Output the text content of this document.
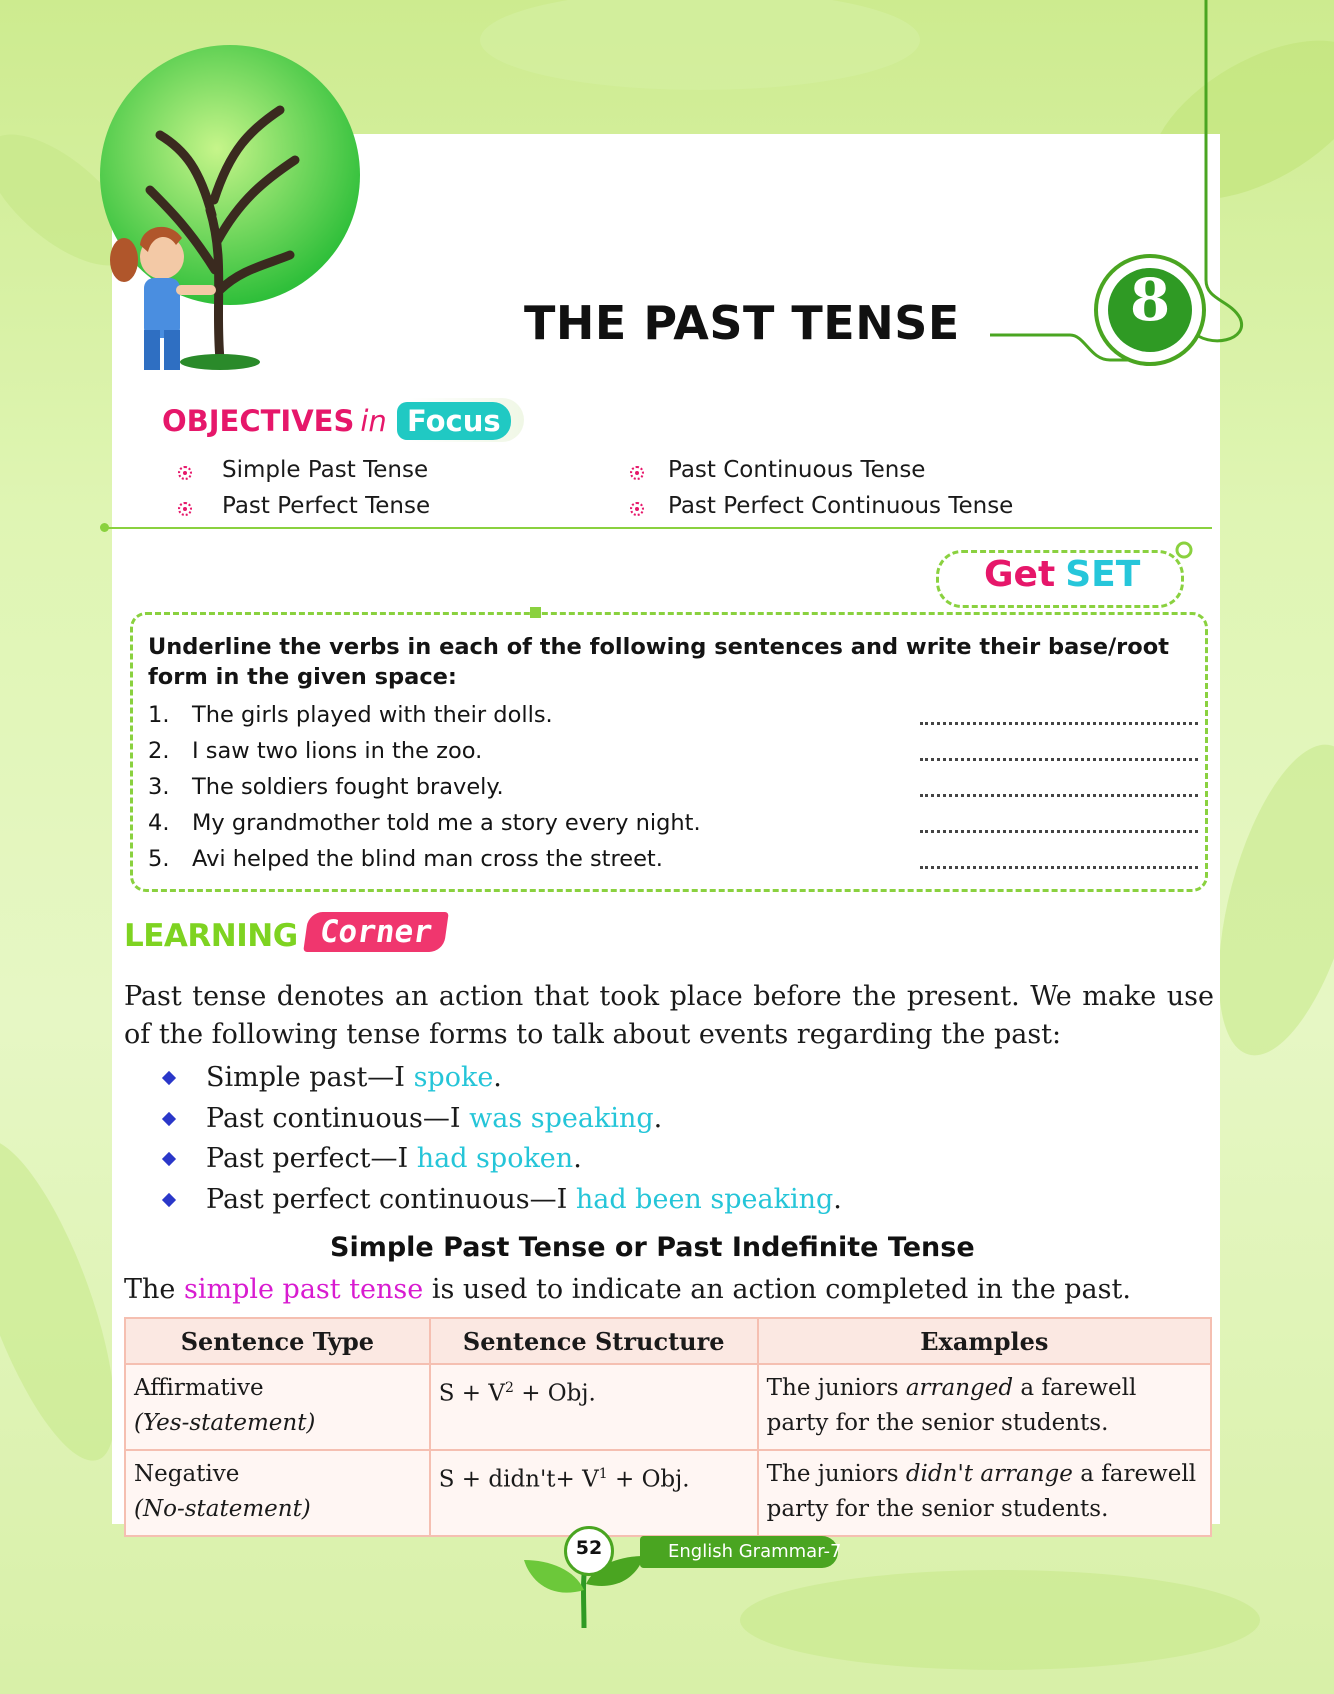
THE PAST TENSE	8
OBJECTIVES in Focus
Simple Past Tense
Past Perfect Tense
Past Continuous Tense
Past Perfect Continuous Tense
Get SET

Underline the verbs in each of the following sentences and write their base/root form in the given space:

1. The girls played with their dolls.
2. I saw two lions in the zoo.
3. The soldiers fought bravely.
4. My grandmother told me a story every night.
5. Avi helped the blind man cross the street.
LEARNING Corner

Past tense denotes an action that took place before the present. We make use of the following tense forms to talk about events regarding the past:

Simple past—I spoke.
Past continuous—I was speaking.
Past perfect—I had spoken.
Past perfect continuous—I had been speaking.
Simple Past Tense or Past Indefinite Tense
The simple past tense is used to indicate an action completed in the past.
Sentence Type	Sentence Structure	Examples
Affirmative
(Yes-statement)	$S + V^2$ + Obj.	The juniors arranged a farewell party for the senior students.
Negative
(No-statement)	S + didn't+ $V^1$ + Obj.	The juniors didn't arrange a farewell party for the senior students.
English Grammar-7
52
